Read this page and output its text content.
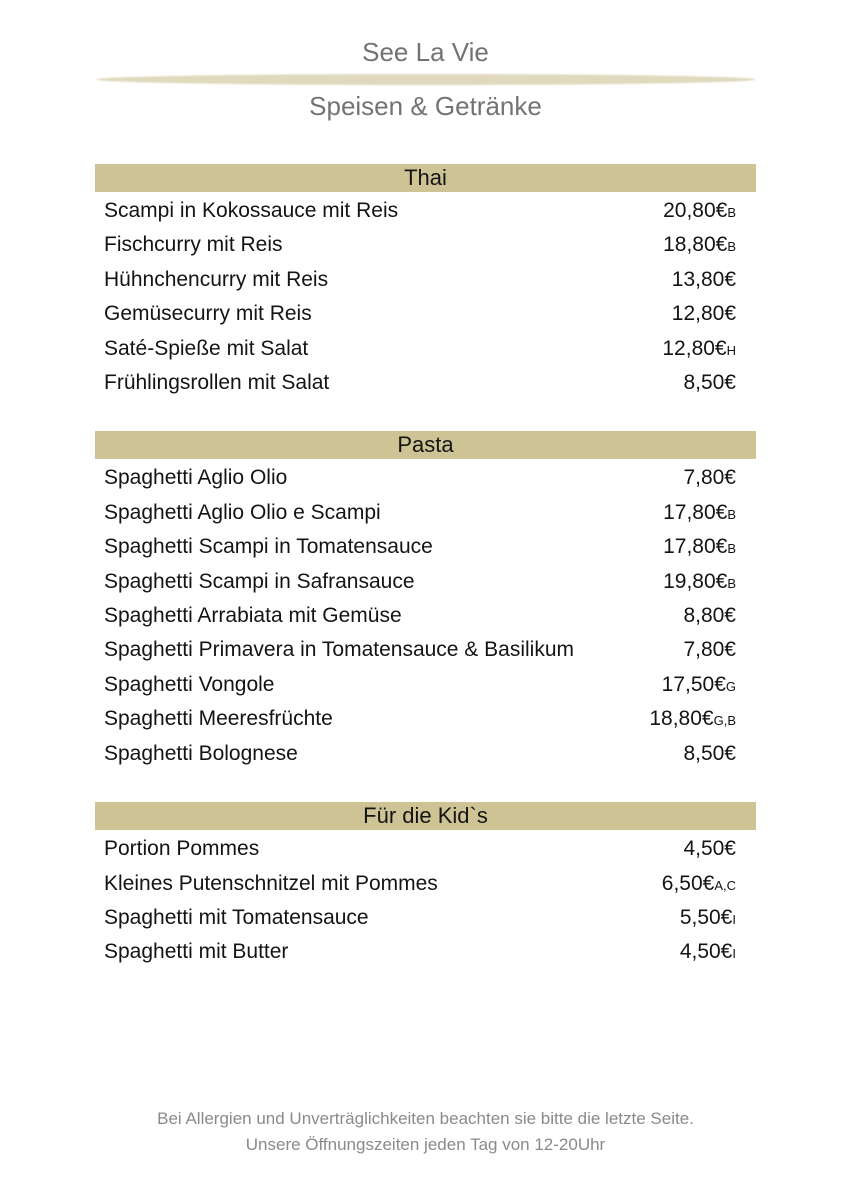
See La Vie
Speisen & Getränke
Thai
Scampi in Kokossauce mit Reis	20,80€B
Fischcurry mit Reis	18,80€B
Hühnchencurry mit Reis	13,80€
Gemüsecurry mit Reis	12,80€
Saté-Spieße mit Salat	12,80€H
Frühlingsrollen mit Salat	8,50€
Pasta
Spaghetti Aglio Olio	7,80€
Spaghetti Aglio Olio e Scampi	17,80€B
Spaghetti Scampi in Tomatensauce	17,80€B
Spaghetti Scampi in Safransauce	19,80€B
Spaghetti Arrabiata mit Gemüse	8,80€
Spaghetti Primavera in Tomatensauce & Basilikum	7,80€
Spaghetti Vongole	17,50€G
Spaghetti Meeresfrüchte	18,80€G,B
Spaghetti Bolognese	8,50€
Für die Kid`s
Portion Pommes	4,50€
Kleines Putenschnitzel mit Pommes	6,50€A,C
Spaghetti mit Tomatensauce	5,50€I
Spaghetti mit Butter	4,50€I

Bei Allergien und Unverträglichkeiten beachten sie bitte die letzte Seite.

Unsere Öffnungszeiten jeden Tag von 12-20Uhr
